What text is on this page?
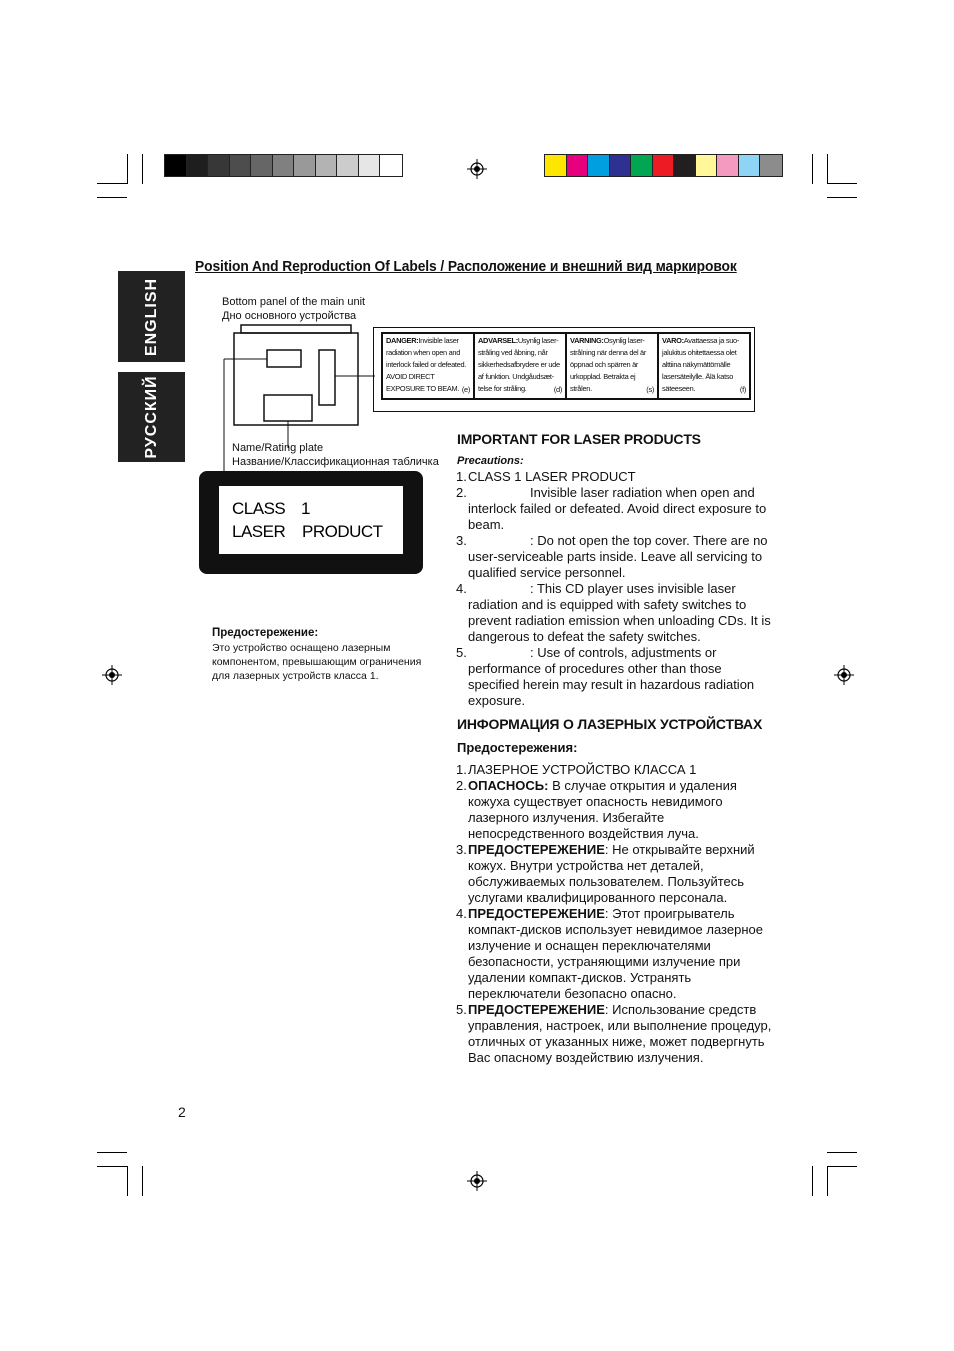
ENGLISH
РУССКИЙ
Position And Reproduction Of Labels / Расположение и внешний вид маркировок
Bottom panel of the main unit
Дно основного устройства
DANGER:Invisible laser radiation when open and interlock failed or defeated. AVOID DIRECT EXPOSURE TO BEAM. (e)
ADVARSEL:Usynlig laser-stråling ved åbning, når sikkerhedsafbrydere er ude af funktion. Undgåudsæt-telse for stråling.	(d)
VARNING:Osynlig laser-strålning när denna del är öppnad och spärren är urkopplad. Betrakta ej strålen.	(s)
VARO:Avattaessa ja suo-jalukitus ohitettaessa olet alttiina näkymättömälle lasersäteilylle. Älä katso säteeseen.	(f)
Name/Rating plate
Название/Классификационная табличка
CLASS 1
LASER PRODUCT
Предостережение:
Это устройство оснащено лазерным компонентом, превышающим ограничения для лазерных устройств класса 1.
IMPORTANT FOR LASER PRODUCTS
Precautions:
1. CLASS 1 LASER PRODUCT
2.	Invisible laser radiation when open and interlock failed or defeated. Avoid direct exposure to beam.
3.	: Do not open the top cover. There are no user-serviceable parts inside. Leave all servicing to qualified service personnel.
4.	: This CD player uses invisible laser radiation and is equipped with safety switches to prevent radiation emission when unloading CDs. It is dangerous to defeat the safety switches.
5.	: Use of controls, adjustments or performance of procedures other than those specified herein may result in hazardous radiation exposure.
ИНФОРМАЦИЯ О ЛАЗЕРНЫХ УСТРОЙСТВАХ
Предостережения:
1. ЛАЗЕРНОЕ УСТРОЙСТВО КЛАССА 1
2. ОПАСНОСЬ: В случае открытия и удаления кожуха существует опасность невидимого лазерного излучения. Избегайте непосредственного воздействия луча.
3. ПРЕДОСТЕРЕЖЕНИЕ: Не открывайте верхний кожух. Внутри устройства нет деталей, обслуживаемых пользователем. Пользуйтесь услугами квалифицированного персонала.
4. ПРЕДОСТЕРЕЖЕНИЕ: Этот проигрыватель компакт-дисков использует невидимое лазерное излучение и оснащен переключателями безопасности, устраняющими излучение при удалении компакт-дисков. Устранять переключатели безопасно опасно.
5. ПРЕДОСТЕРЕЖЕНИЕ: Использование средств управления, настроек, или выполнение процедур, отличных от указанных ниже, может подвергнуть Вас опасному воздействию излучения.
2
